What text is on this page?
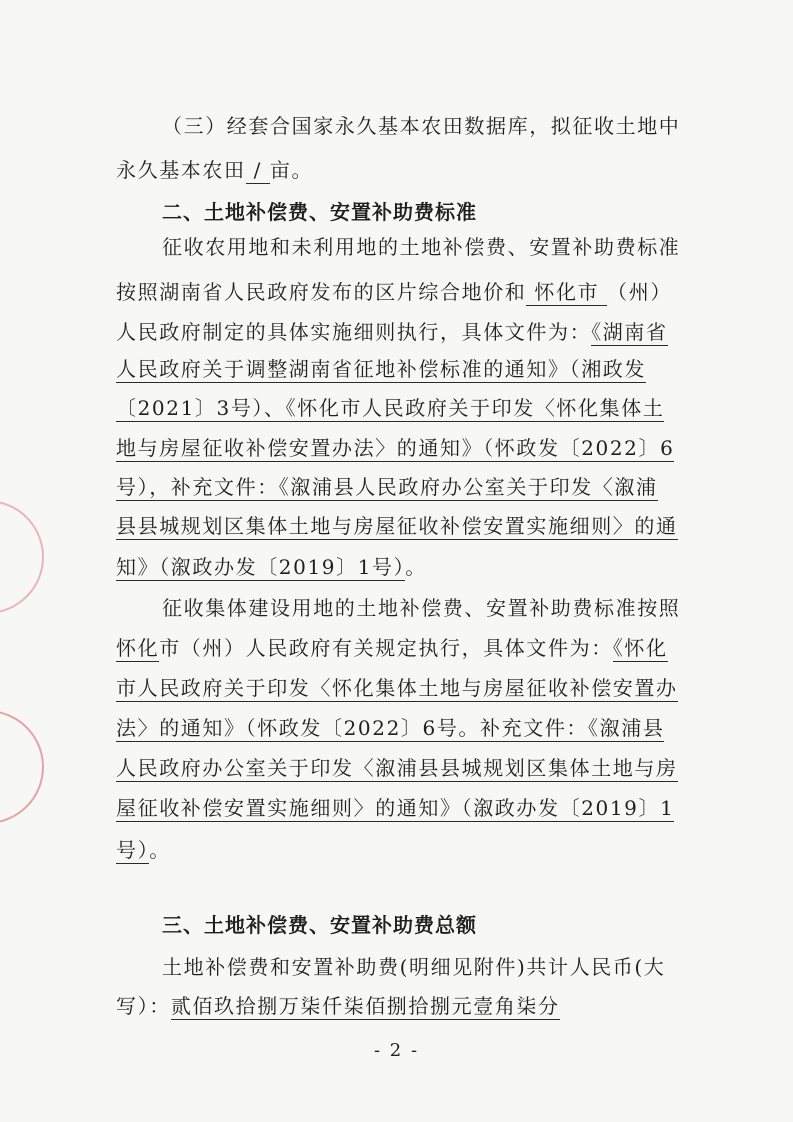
- 2 -
（三）经套合国家永久基本农田数据库，拟征收土地中
永久基本农田 / 亩。
二、土地补偿费、安置补助费标准
征收农用地和未利用地的土地补偿费、安置补助费标准
按照湖南省人民政府发布的区片综合地价和 怀化市 （州）
人民政府制定的具体实施细则执行，具体文件为：《湖南省
人民政府关于调整湖南省征地补偿标准的通知》（湘政发
〔2021〕3号）、《怀化市人民政府关于印发〈怀化集体土
地与房屋征收补偿安置办法〉的通知》（怀政发〔2022〕6
号），补充文件：《溆浦县人民政府办公室关于印发〈溆浦
县县城规划区集体土地与房屋征收补偿安置实施细则〉的通
知》（溆政办发〔2019〕1号）。
征收集体建设用地的土地补偿费、安置补助费标准按照
怀化市（州）人民政府有关规定执行，具体文件为：《怀化
市人民政府关于印发〈怀化集体土地与房屋征收补偿安置办
法〉的通知》（怀政发〔2022〕6号。补充文件：《溆浦县
人民政府办公室关于印发〈溆浦县县城规划区集体土地与房
屋征收补偿安置实施细则〉的通知》（溆政办发〔2019〕1
号）。
三、土地补偿费、安置补助费总额
土地补偿费和安置补助费(明细见附件)共计人民币(大
写）：贰佰玖拾捌万柒仟柒佰捌拾捌元壹角柒分
